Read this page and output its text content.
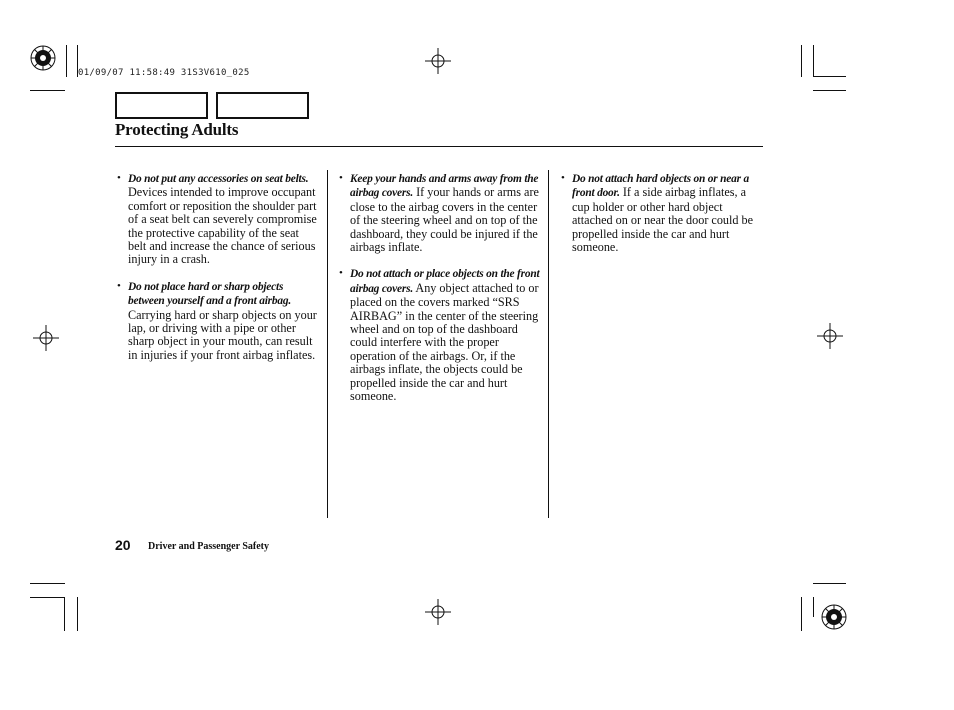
01/09/07 11:58:49 31S3V610_025
Protecting Adults
• Do not put any accessories on seat belts. Devices intended to improve occupant comfort or reposition the shoulder part of a seat belt can severely compromise the protective capability of the seat belt and increase the chance of serious injury in a crash.
• Do not place hard or sharp objects between yourself and a front airbag. Carrying hard or sharp objects on your lap, or driving with a pipe or other sharp object in your mouth, can result in injuries if your front airbag inflates.
• Keep your hands and arms away from the airbag covers. If your hands or arms are close to the airbag covers in the center of the steering wheel and on top of the dashboard, they could be injured if the airbags inflate.
• Do not attach or place objects on the front airbag covers. Any object attached to or placed on the covers marked “SRS AIRBAG” in the center of the steering wheel and on top of the dashboard could interfere with the proper operation of the airbags. Or, if the airbags inflate, the objects could be propelled inside the car and hurt someone.
• Do not attach hard objects on or near a front door. If a side airbag inflates, a cup holder or other hard object attached on or near the door could be propelled inside the car and hurt someone.
20 Driver and Passenger Safety
